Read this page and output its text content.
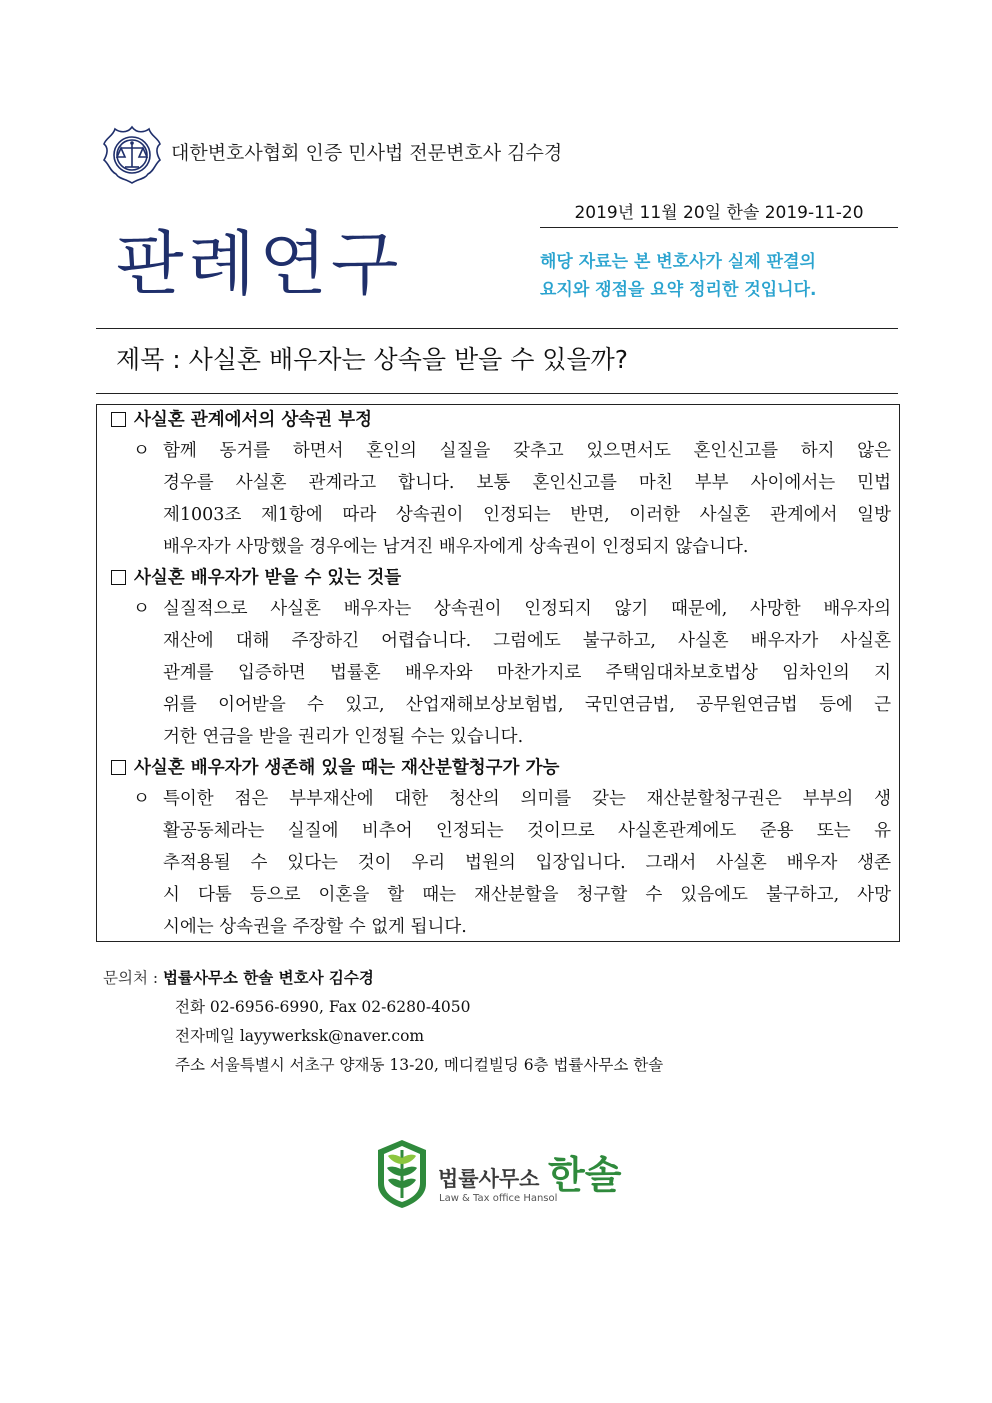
대한변호사협회 인증 민사법 전문변호사 김수경
2019년 11월 20일 한솔 2019-11-20
판례연구	해당 자료는 본 변호사가 실제 판결의
요지와 쟁점을 요약 정리한 것입니다.
제목 : 사실혼 배우자는 상속을 받을 수 있을까?
사실혼 관계에서의 상속권 부정
ㅇ 함께 동거를 하면서 혼인의 실질을 갖추고 있으면서도 혼인신고를 하지 않은
경우를 사실혼 관계라고 합니다. 보통 혼인신고를 마친 부부 사이에서는 민법
제1003조 제1항에 따라 상속권이 인정되는 반면, 이러한 사실혼 관계에서 일방
배우자가 사망했을 경우에는 남겨진 배우자에게 상속권이 인정되지 않습니다.
사실혼 배우자가 받을 수 있는 것들
ㅇ 실질적으로 사실혼 배우자는 상속권이 인정되지 않기 때문에, 사망한 배우자의
재산에 대해 주장하긴 어렵습니다. 그럼에도 불구하고, 사실혼 배우자가 사실혼
관계를 입증하면 법률혼 배우자와 마찬가지로 주택임대차보호법상 임차인의 지
위를 이어받을 수 있고, 산업재해보상보험법, 국민연금법, 공무원연금법 등에 근
거한 연금을 받을 권리가 인정될 수는 있습니다.
사실혼 배우자가 생존해 있을 때는 재산분할청구가 가능
ㅇ 특이한 점은 부부재산에 대한 청산의 의미를 갖는 재산분할청구권은 부부의 생
활공동체라는 실질에 비추어 인정되는 것이므로 사실혼관계에도 준용 또는 유
추적용될 수 있다는 것이 우리 법원의 입장입니다. 그래서 사실혼 배우자 생존
시 다툼 등으로 이혼을 할 때는 재산분할을 청구할 수 있음에도 불구하고, 사망
시에는 상속권을 주장할 수 없게 됩니다.
문의처 : 법률사무소 한솔 변호사 김수경
전화 02-6956-6990, Fax 02-6280-4050
전자메일 layywerksk@naver.com
주소 서울특별시 서초구 양재동 13-20, 메디컬빌딩 6층 법률사무소 한솔
법률사무소 한솔
Law & Tax office Hansol
